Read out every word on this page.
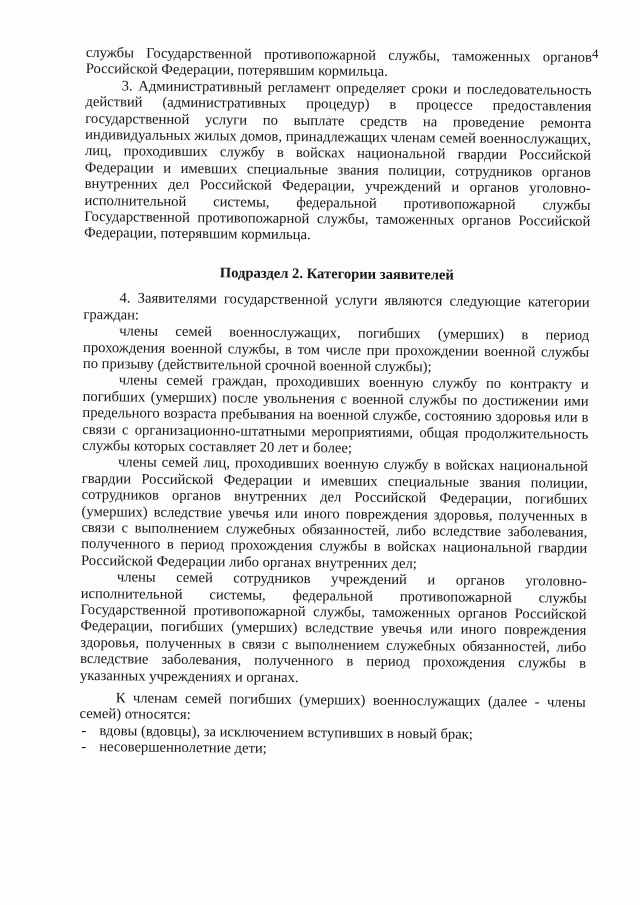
4

службы Государственной противопожарной службы, таможенных органов Российской Федерации, потерявшим кормильца.

3. Административный регламент определяет сроки и последовательность действий (административных процедур) в процессе предоставления государственной услуги по выплате средств на проведение ремонта индивидуальных жилых домов, принадлежащих членам семей военнослужащих, лиц, проходивших службу в войсках национальной гвардии Российской Федерации и имевших специальные звания полиции, сотрудников органов внутренних дел Российской Федерации, учреждений и органов уголовно-исполнительной системы, федеральной противопожарной службы Государственной противопожарной службы, таможенных органов Российской Федерации, потерявшим кормильца.

Подраздел 2. Категории заявителей

4. Заявителями государственной услуги являются следующие категории граждан:

члены семей военнослужащих, погибших (умерших) в период прохождения военной службы, в том числе при прохождении военной службы по призыву (действительной срочной военной службы);

члены семей граждан, проходивших военную службу по контракту и погибших (умерших) после увольнения с военной службы по достижении ими предельного возраста пребывания на военной службе, состоянию здоровья или в связи с организационно-штатными мероприятиями, общая продолжительность службы которых составляет 20 лет и более;

члены семей лиц, проходивших военную службу в войсках национальной гвардии Российской Федерации и имевших специальные звания полиции, сотрудников органов внутренних дел Российской Федерации, погибших (умерших) вследствие увечья или иного повреждения здоровья, полученных в связи с выполнением служебных обязанностей, либо вследствие заболевания, полученного в период прохождения службы в войсках национальной гвардии Российской Федерации либо органах внутренних дел;

члены семей сотрудников учреждений и органов уголовно-исполнительной системы, федеральной противопожарной службы Государственной противопожарной службы, таможенных органов Российской Федерации, погибших (умерших) вследствие увечья или иного повреждения здоровья, полученных в связи с выполнением служебных обязанностей, либо вследствие заболевания, полученного в период прохождения службы в указанных учреждениях и органах.

К членам семей погибших (умерших) военнослужащих (далее - члены семей) относятся:

- вдовы (вдовцы), за исключением вступивших в новый брак;
- несовершеннолетние дети;
